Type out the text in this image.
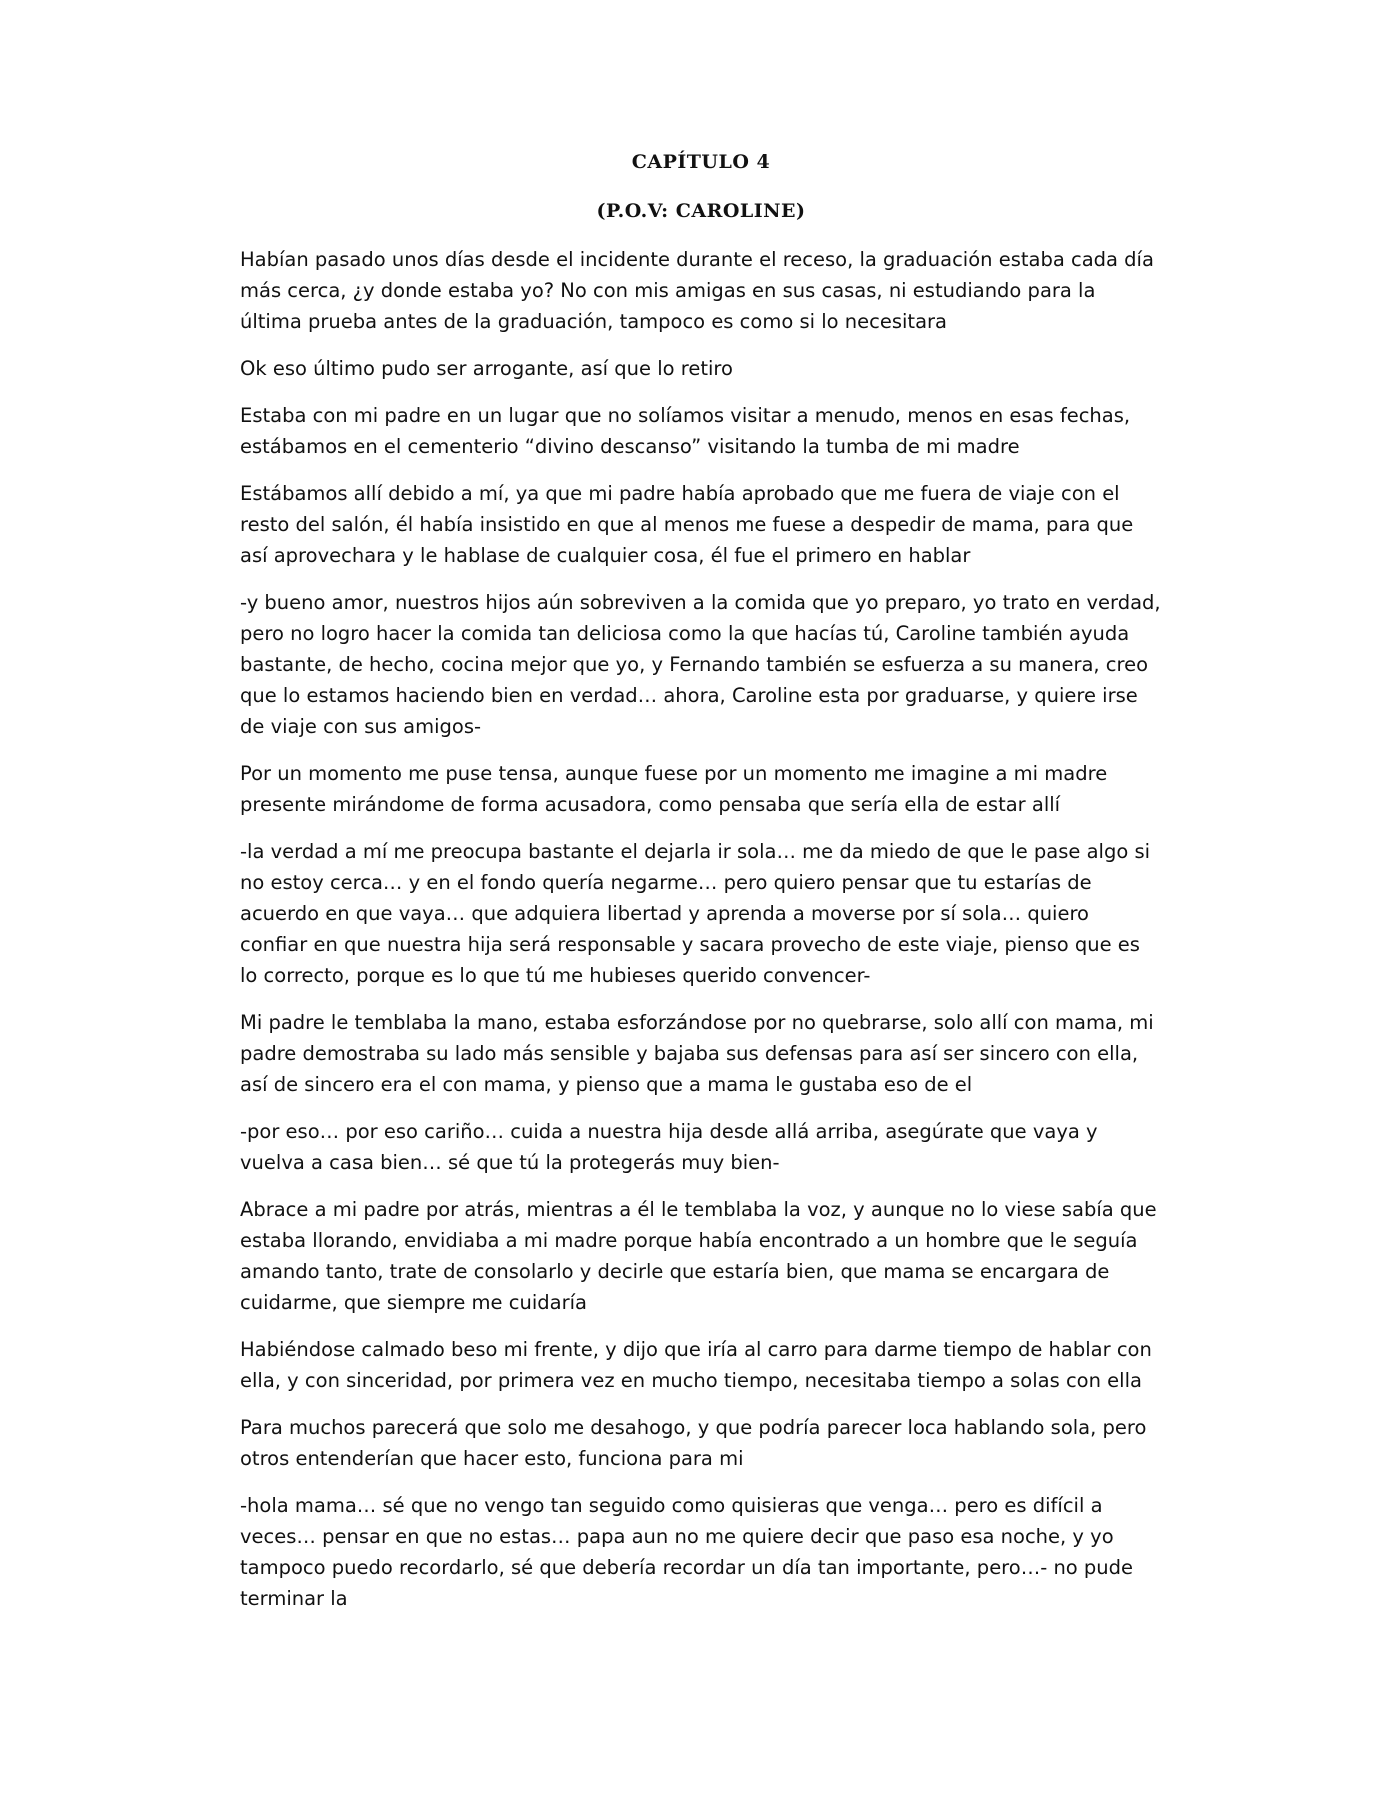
CAPÍTULO 4
(P.O.V: CAROLINE)

Habían pasado unos días desde el incidente durante el receso, la graduación estaba cada día más cerca, ¿y donde estaba yo? No con mis amigas en sus casas, ni estudiando para la última prueba antes de la graduación, tampoco es como si lo necesitara

Ok eso último pudo ser arrogante, así que lo retiro

Estaba con mi padre en un lugar que no solíamos visitar a menudo, menos en esas fechas, estábamos en el cementerio “divino descanso” visitando la tumba de mi madre

Estábamos allí debido a mí, ya que mi padre había aprobado que me fuera de viaje con el resto del salón, él había insistido en que al menos me fuese a despedir de mama, para que así aprovechara y le hablase de cualquier cosa, él fue el primero en hablar

-y bueno amor, nuestros hijos aún sobreviven a la comida que yo preparo, yo trato en verdad, pero no logro hacer la comida tan deliciosa como la que hacías tú, Caroline también ayuda bastante, de hecho, cocina mejor que yo, y Fernando también se esfuerza a su manera, creo que lo estamos haciendo bien en verdad… ahora, Caroline esta por graduarse, y quiere irse de viaje con sus amigos-

Por un momento me puse tensa, aunque fuese por un momento me imagine a mi madre presente mirándome de forma acusadora, como pensaba que sería ella de estar allí

-la verdad a mí me preocupa bastante el dejarla ir sola… me da miedo de que le pase algo si no estoy cerca… y en el fondo quería negarme… pero quiero pensar que tu estarías de acuerdo en que vaya… que adquiera libertad y aprenda a moverse por sí sola… quiero confiar en que nuestra hija será responsable y sacara provecho de este viaje, pienso que es lo correcto, porque es lo que tú me hubieses querido convencer-

Mi padre le temblaba la mano, estaba esforzándose por no quebrarse, solo allí con mama, mi padre demostraba su lado más sensible y bajaba sus defensas para así ser sincero con ella, así de sincero era el con mama, y pienso que a mama le gustaba eso de el

-por eso… por eso cariño… cuida a nuestra hija desde allá arriba, asegúrate que vaya y vuelva a casa bien… sé que tú la protegerás muy bien-

Abrace a mi padre por atrás, mientras a él le temblaba la voz, y aunque no lo viese sabía que estaba llorando, envidiaba a mi madre porque había encontrado a un hombre que le seguía amando tanto, trate de consolarlo y decirle que estaría bien, que mama se encargara de cuidarme, que siempre me cuidaría

Habiéndose calmado beso mi frente, y dijo que iría al carro para darme tiempo de hablar con ella, y con sinceridad, por primera vez en mucho tiempo, necesitaba tiempo a solas con ella

Para muchos parecerá que solo me desahogo, y que podría parecer loca hablando sola, pero otros entenderían que hacer esto, funciona para mi

-hola mama… sé que no vengo tan seguido como quisieras que venga… pero es difícil a veces… pensar en que no estas… papa aun no me quiere decir que paso esa noche, y yo tampoco puedo recordarlo, sé que debería recordar un día tan importante, pero…- no pude terminar la
